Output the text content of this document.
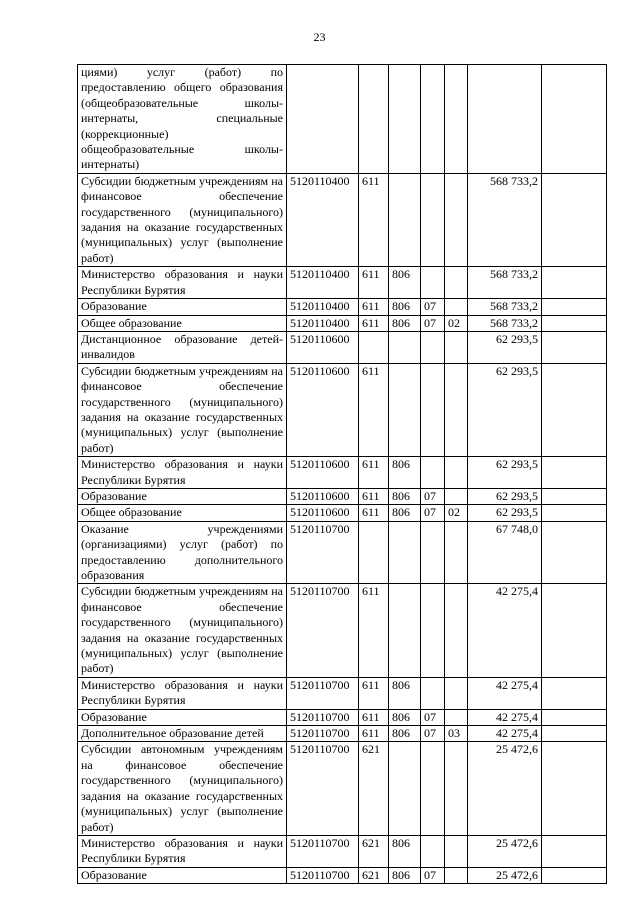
23
циями) услуг (работ) по предоставлению общего образования (общеобразовательные школы-интернаты, специальные (коррекционные) общеобразовательные школы-интернаты)							
Субсидии бюджетным учреждениям на финансовое обеспечение государственного (муниципального) задания на оказание государственных (муниципальных) услуг (выполнение работ)	5120110400	611				568 733,2	
Министерство образования и науки Республики Бурятия	5120110400	611	806			568 733,2	
Образование	5120110400	611	806	07		568 733,2	
Общее образование	5120110400	611	806	07	02	568 733,2	
Дистанционное образование детей-инвалидов	5120110600					62 293,5	
Субсидии бюджетным учреждениям на финансовое обеспечение государственного (муниципального) задания на оказание государственных (муниципальных) услуг (выполнение работ)	5120110600	611				62 293,5	
Министерство образования и науки Республики Бурятия	5120110600	611	806			62 293,5	
Образование	5120110600	611	806	07		62 293,5	
Общее образование	5120110600	611	806	07	02	62 293,5	
Оказание учреждениями (организациями) услуг (работ) по предоставлению дополнительного образования	5120110700					67 748,0	
Субсидии бюджетным учреждениям на финансовое обеспечение государственного (муниципального) задания на оказание государственных (муниципальных) услуг (выполнение работ)	5120110700	611				42 275,4	
Министерство образования и науки Республики Бурятия	5120110700	611	806			42 275,4	
Образование	5120110700	611	806	07		42 275,4	
Дополнительное образование детей	5120110700	611	806	07	03	42 275,4	
Субсидии автономным учреждениям на финансовое обеспечение государственного (муниципального) задания на оказание государственных (муниципальных) услуг (выполнение работ)	5120110700	621				25 472,6	
Министерство образования и науки Республики Бурятия	5120110700	621	806			25 472,6	
Образование	5120110700	621	806	07		25 472,6	
